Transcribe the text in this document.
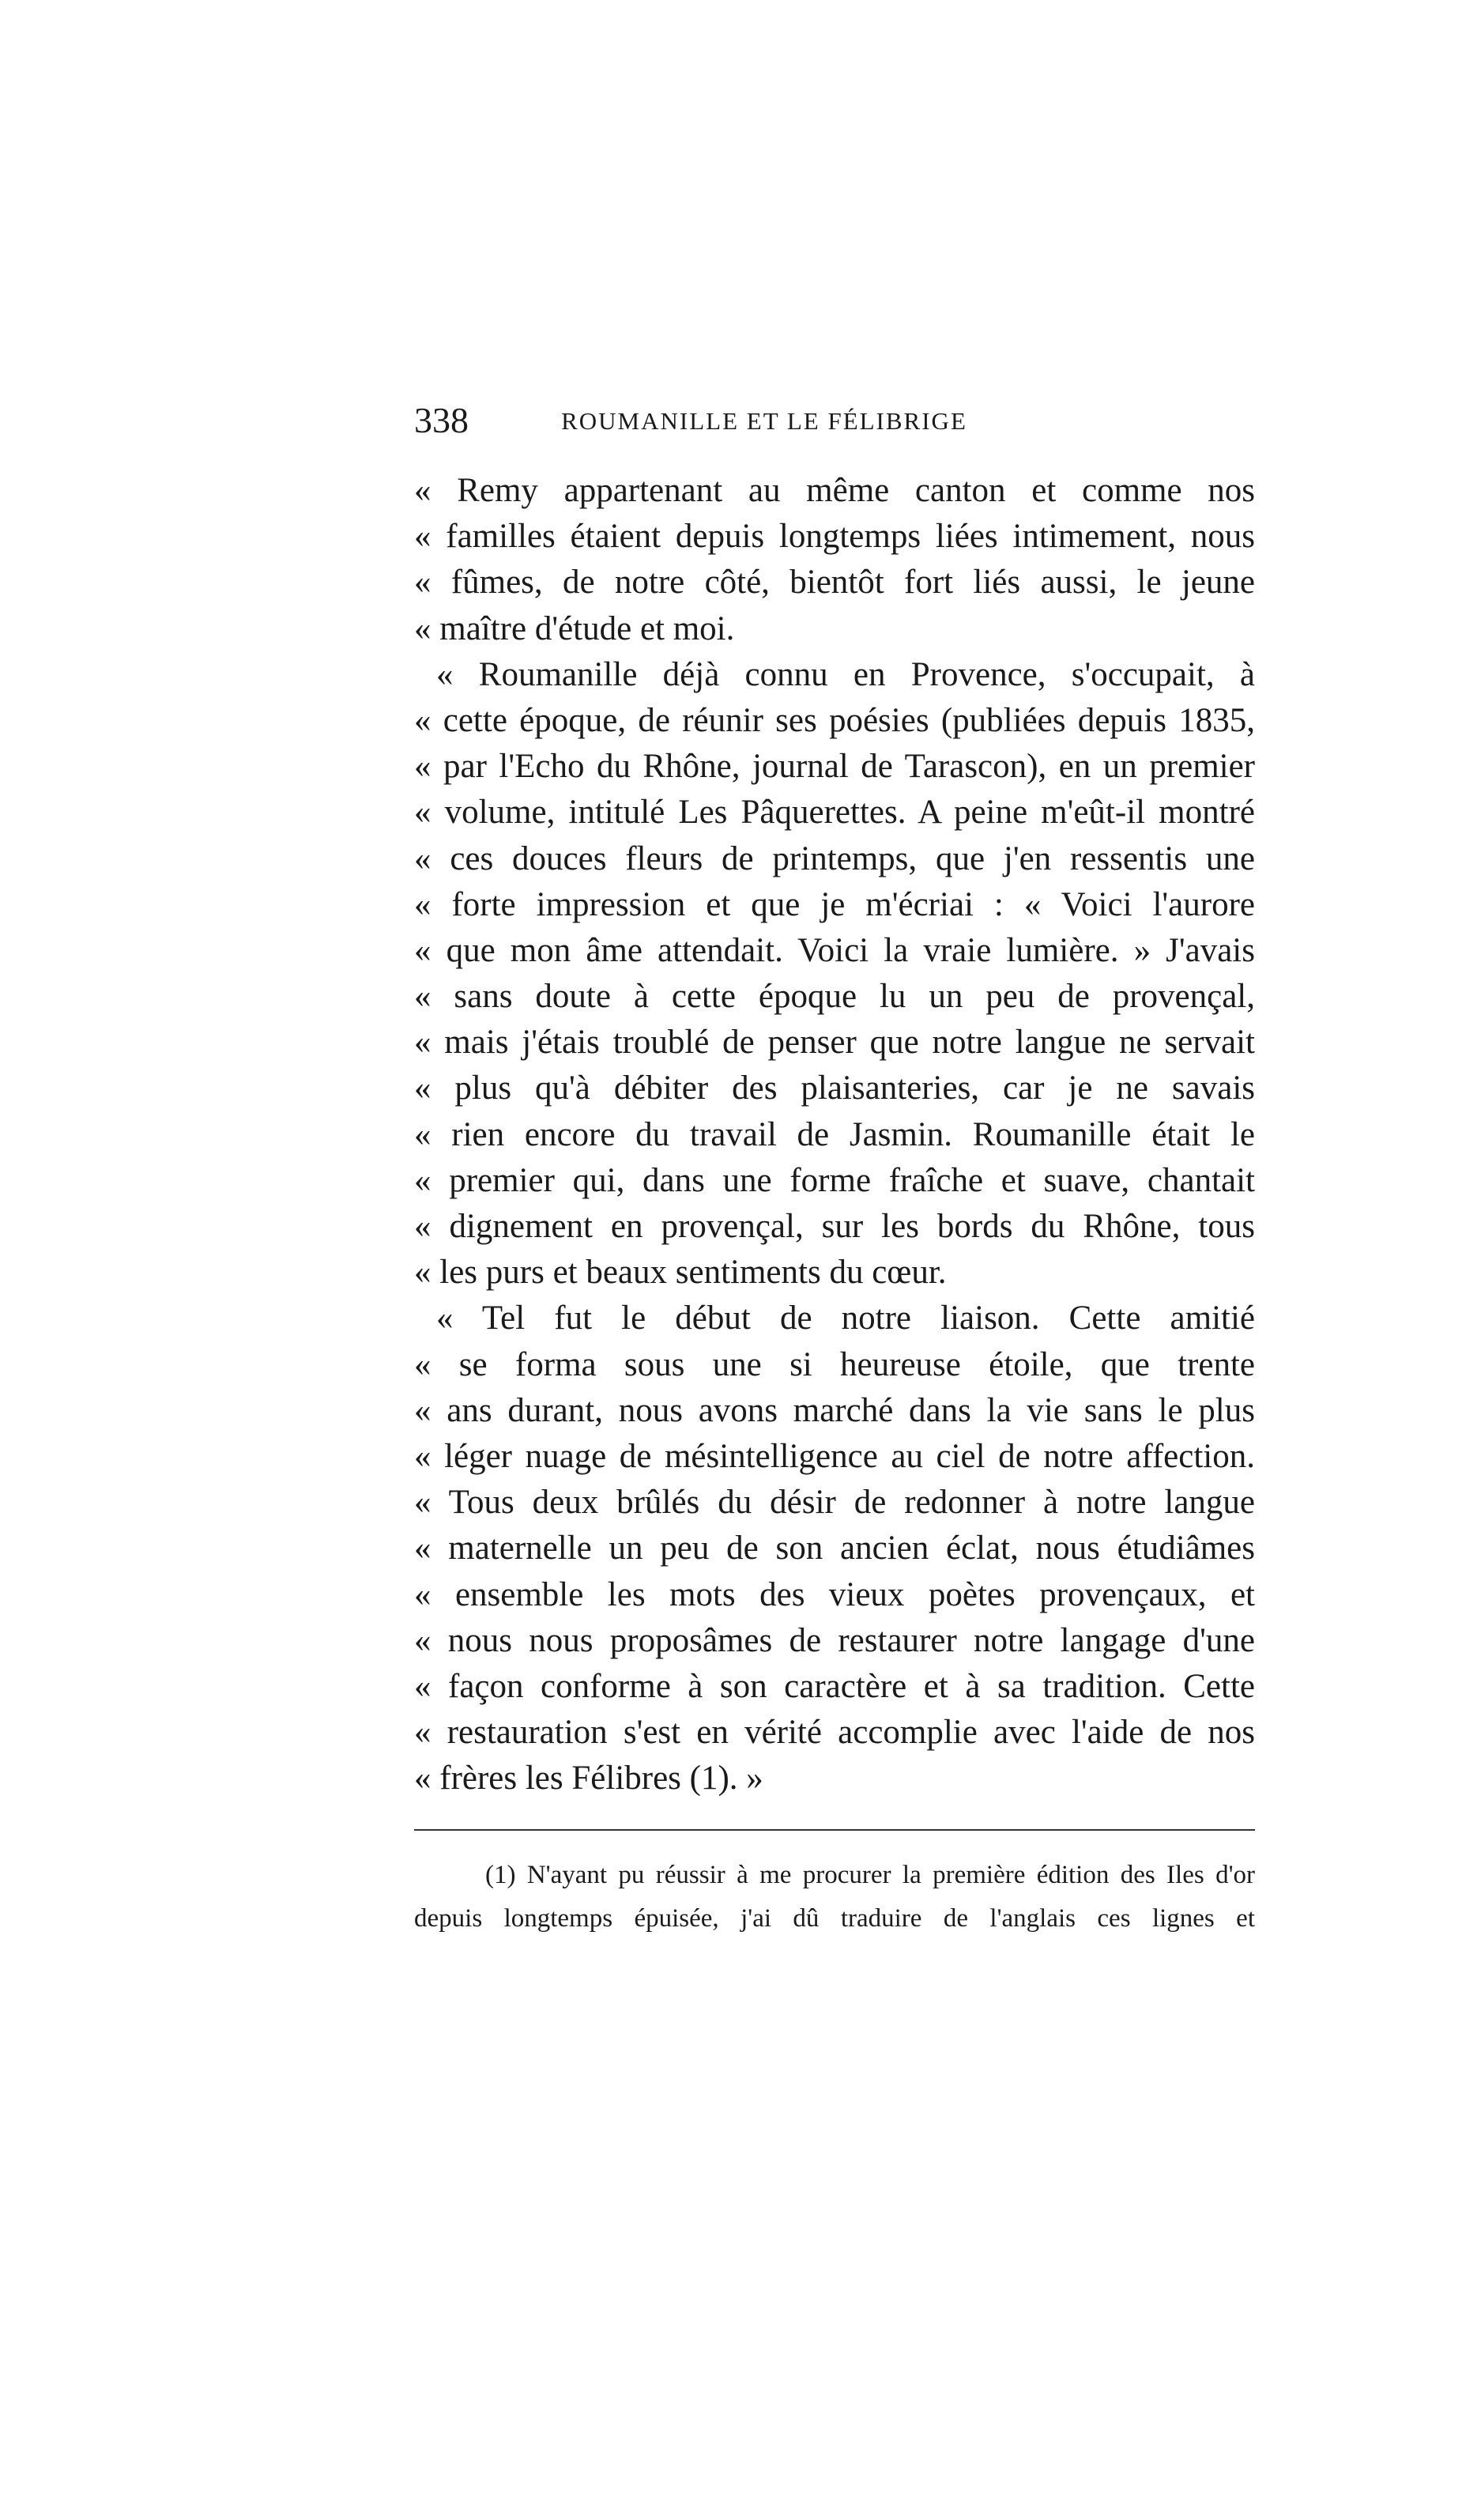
338	ROUMANILLE ET LE FÉLIBRIGE
« Remy appartenant au même canton et comme nos
« familles étaient depuis longtemps liées intimement, nous
« fûmes, de notre côté, bientôt fort liés aussi, le jeune
« maître d'étude et moi.
« Roumanille déjà connu en Provence, s'occupait, à
« cette époque, de réunir ses poésies (publiées depuis 1835,
« par l'Echo du Rhône, journal de Tarascon), en un premier
« volume, intitulé Les Pâquerettes. A peine m'eût-il montré
« ces douces fleurs de printemps, que j'en ressentis une
« forte impression et que je m'écriai : « Voici l'aurore
« que mon âme attendait. Voici la vraie lumière. » J'avais
« sans doute à cette époque lu un peu de provençal,
« mais j'étais troublé de penser que notre langue ne servait
« plus qu'à débiter des plaisanteries, car je ne savais
« rien encore du travail de Jasmin. Roumanille était le
« premier qui, dans une forme fraîche et suave, chantait
« dignement en provençal, sur les bords du Rhône, tous
« les purs et beaux sentiments du cœur.
« Tel fut le début de notre liaison. Cette amitié
« se forma sous une si heureuse étoile, que trente
« ans durant, nous avons marché dans la vie sans le plus
« léger nuage de mésintelligence au ciel de notre affection.
« Tous deux brûlés du désir de redonner à notre langue
« maternelle un peu de son ancien éclat, nous étudiâmes
« ensemble les mots des vieux poètes provençaux, et
« nous nous proposâmes de restaurer notre langage d'une
« façon conforme à son caractère et à sa tradition. Cette
« restauration s'est en vérité accomplie avec l'aide de nos
« frères les Félibres (1). »
(1) N'ayant pu réussir à me procurer la première édition des Iles d'or
depuis longtemps épuisée, j'ai dû traduire de l'anglais ces lignes et
